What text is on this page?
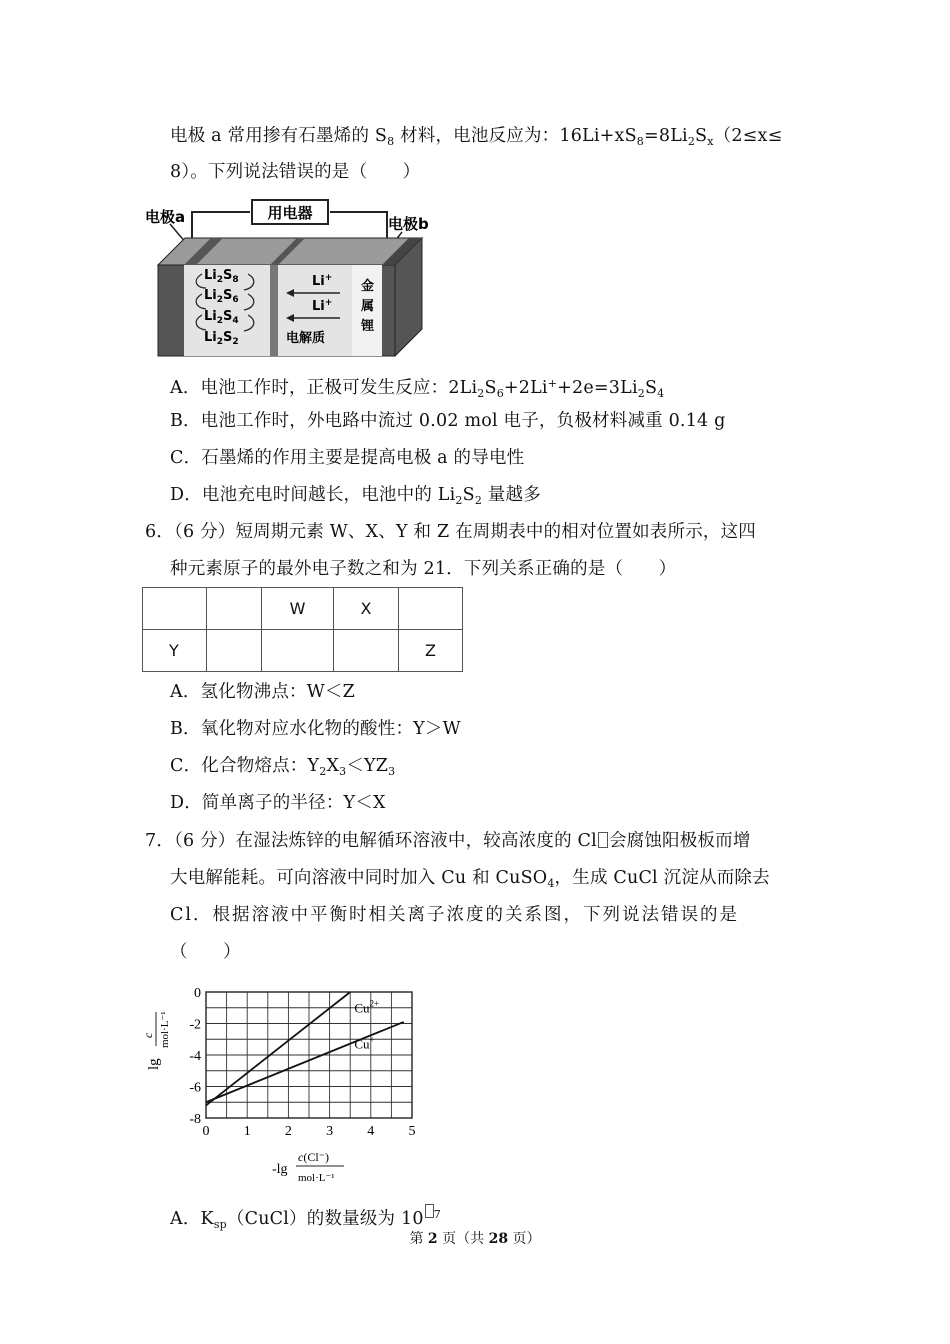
电极 a 常用掺有石墨烯的 $S_8$ 材料，电池反应为：$16Li+xS_8=8Li_2S_x(2\le x\le$
8）。下列说法错误的是（　　）
用电器
电极a	电极b
$Li_2S_8$
$Li_2S_6$
$Li_2S_4$
$Li_2S_2$
Li+
Li+
电解质
金
属
锂
A．电池工作时，正极可发生反应：$2Li_2S_6+2Li^++2e=3Li_2S_4$
B．电池工作时，外电路中流过 0.02 mol 电子，负极材料减重 0.14 g
C．石墨烯的作用主要是提高电极 a 的导电性
D．电池充电时间越长，电池中的 $Li_2S_2$ 量越多
6．（6 分）短周期元素 W、X、Y 和 Z 在周期表中的相对位置如表所示，这四
种元素原子的最外电子数之和为 21．下列关系正确的是（　　）
		W	X	
Y				Z
A．氢化物沸点：W＜Z
B．氧化物对应水化物的酸性：Y＞W
C．化合物熔点：$Y_2X_3<YZ_3$
D．简单离子的半径：Y＜X
7．（6 分）在湿法炼锌的电解循环溶液中，较高浓度的 Cl 会腐蚀阳极板而增
大电解能耗。可向溶液中同时加入 Cu 和 CuSO$_4$，生成 CuCl 沉淀从而除去
Cl．根据溶液中平衡时相关离子浓度的关系图，下列说法错误的是
（　　）
$Cu^{2+}$
Cu+
0 1 2 3 4 5
0
-2
-4
-6
-8
lg
c mol·L⁻¹
-lg
c(Cl⁻)
mol·L⁻¹
A．$K_{sp}(CuCl)$的数量级为 10 $^7$
第 2 页（共 28 页）
